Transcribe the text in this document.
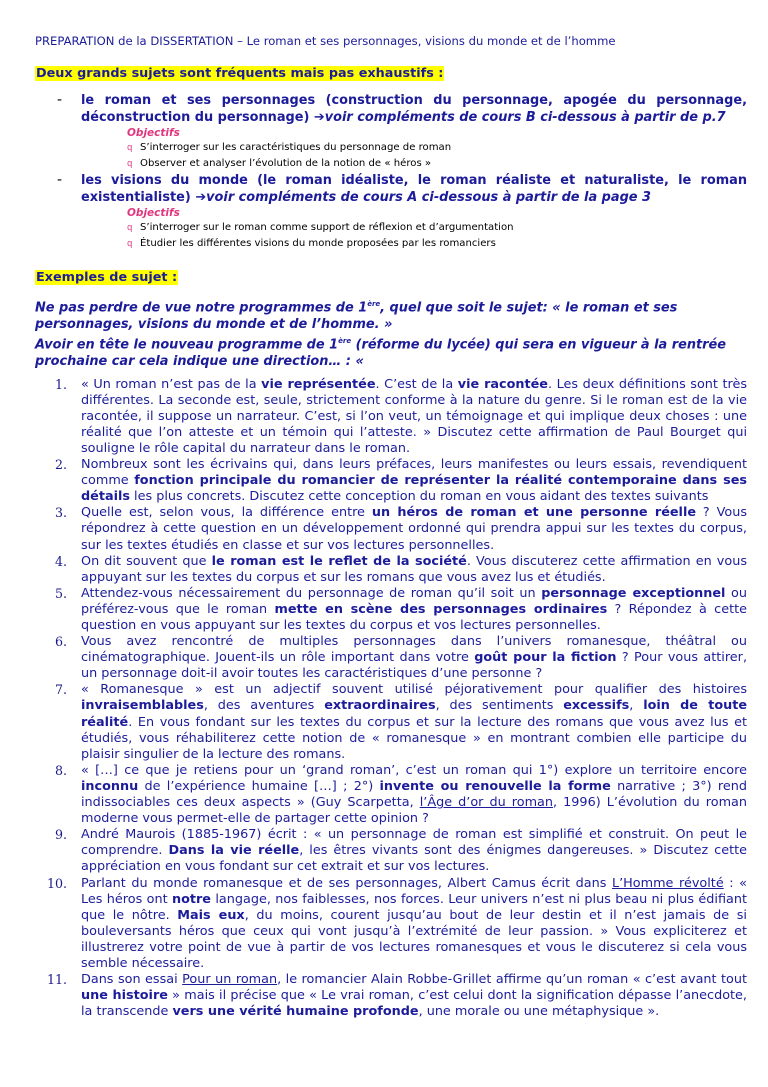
PREPARATION de la DISSERTATION – Le roman et ses personnages, visions du monde et de l’homme
Deux grands sujets sont fréquents mais pas exhaustifs :

- le roman et ses personnages (construction du personnage, apogée du personnage, déconstruction du personnage) ➔voir compléments de cours B ci-dessous à partir de p.7

Objectifs
q S’interroger sur les caractéristiques du personnage de roman
q Observer et analyser l’évolution de la notion de « héros »

- les visions du monde (le roman idéaliste, le roman réaliste et naturaliste, le roman existentialiste) ➔voir compléments de cours A ci-dessous à partir de la page 3

Objectifs
q S’interroger sur le roman comme support de réflexion et d’argumentation
q Étudier les différentes visions du monde proposées par les romanciers
Exemples de sujet :
Ne pas perdre de vue notre programmes de 1ère, quel que soit le sujet: « le roman et ses personnages, visions du monde et de l’homme. »
Avoir en tête le nouveau programme de 1ère (réforme du lycée) qui sera en vigueur à la rentrée prochaine car cela indique une direction… : «
1. « Un roman n’est pas de la vie représentée. C’est de la vie racontée. Les deux définitions sont très différentes. La seconde est, seule, strictement conforme à la nature du genre. Si le roman est de la vie racontée, il suppose un narrateur. C’est, si l’on veut, un témoignage et qui implique deux choses : une réalité que l’on atteste et un témoin qui l’atteste. » Discutez cette affirmation de Paul Bourget qui souligne le rôle capital du narrateur dans le roman.
2. Nombreux sont les écrivains qui, dans leurs préfaces, leurs manifestes ou leurs essais, revendiquent comme fonction principale du romancier de représenter la réalité contemporaine dans ses détails les plus concrets. Discutez cette conception du roman en vous aidant des textes suivants
3. Quelle est, selon vous, la différence entre un héros de roman et une personne réelle ? Vous répondrez à cette question en un développement ordonné qui prendra appui sur les textes du corpus, sur les textes étudiés en classe et sur vos lectures personnelles.
4. On dit souvent que le roman est le reflet de la société. Vous discuterez cette affirmation en vous appuyant sur les textes du corpus et sur les romans que vous avez lus et étudiés.
5. Attendez-vous nécessairement du personnage de roman qu’il soit un personnage exceptionnel ou préférez-vous que le roman mette en scène des personnages ordinaires ? Répondez à cette question en vous appuyant sur les textes du corpus et vos lectures personnelles.
6. Vous avez rencontré de multiples personnages dans l’univers romanesque, théâtral ou cinématographique. Jouent-ils un rôle important dans votre goût pour la fiction ? Pour vous attirer, un personnage doit-il avoir toutes les caractéristiques d’une personne ?
7. « Romanesque » est un adjectif souvent utilisé péjorativement pour qualifier des histoires invraisemblables, des aventures extraordinaires, des sentiments excessifs, loin de toute réalité. En vous fondant sur les textes du corpus et sur la lecture des romans que vous avez lus et étudiés, vous réhabiliterez cette notion de « romanesque » en montrant combien elle participe du plaisir singulier de la lecture des romans.
8. « […] ce que je retiens pour un ‘grand roman’, c’est un roman qui 1°) explore un territoire encore inconnu de l’expérience humaine […] ; 2°) invente ou renouvelle la forme narrative ; 3°) rend indissociables ces deux aspects » (Guy Scarpetta, l’Âge d’or du roman, 1996) L’évolution du roman moderne vous permet-elle de partager cette opinion ?
9. André Maurois (1885-1967) écrit : « un personnage de roman est simplifié et construit. On peut le comprendre. Dans la vie réelle, les êtres vivants sont des énigmes dangereuses. » Discutez cette appréciation en vous fondant sur cet extrait et sur vos lectures.
10. Parlant du monde romanesque et de ses personnages, Albert Camus écrit dans L’Homme révolté : « Les héros ont notre langage, nos faiblesses, nos forces. Leur univers n’est ni plus beau ni plus édifiant que le nôtre. Mais eux, du moins, courent jusqu’au bout de leur destin et il n’est jamais de si bouleversants héros que ceux qui vont jusqu’à l’extrémité de leur passion. » Vous expliciterez et illustrerez votre point de vue à partir de vos lectures romanesques et vous le discuterez si cela vous semble nécessaire.
11. Dans son essai Pour un roman, le romancier Alain Robbe-Grillet affirme qu’un roman « c’est avant tout une histoire » mais il précise que « Le vrai roman, c’est celui dont la signification dépasse l’anecdote, la transcende vers une vérité humaine profonde, une morale ou une métaphysique ».
